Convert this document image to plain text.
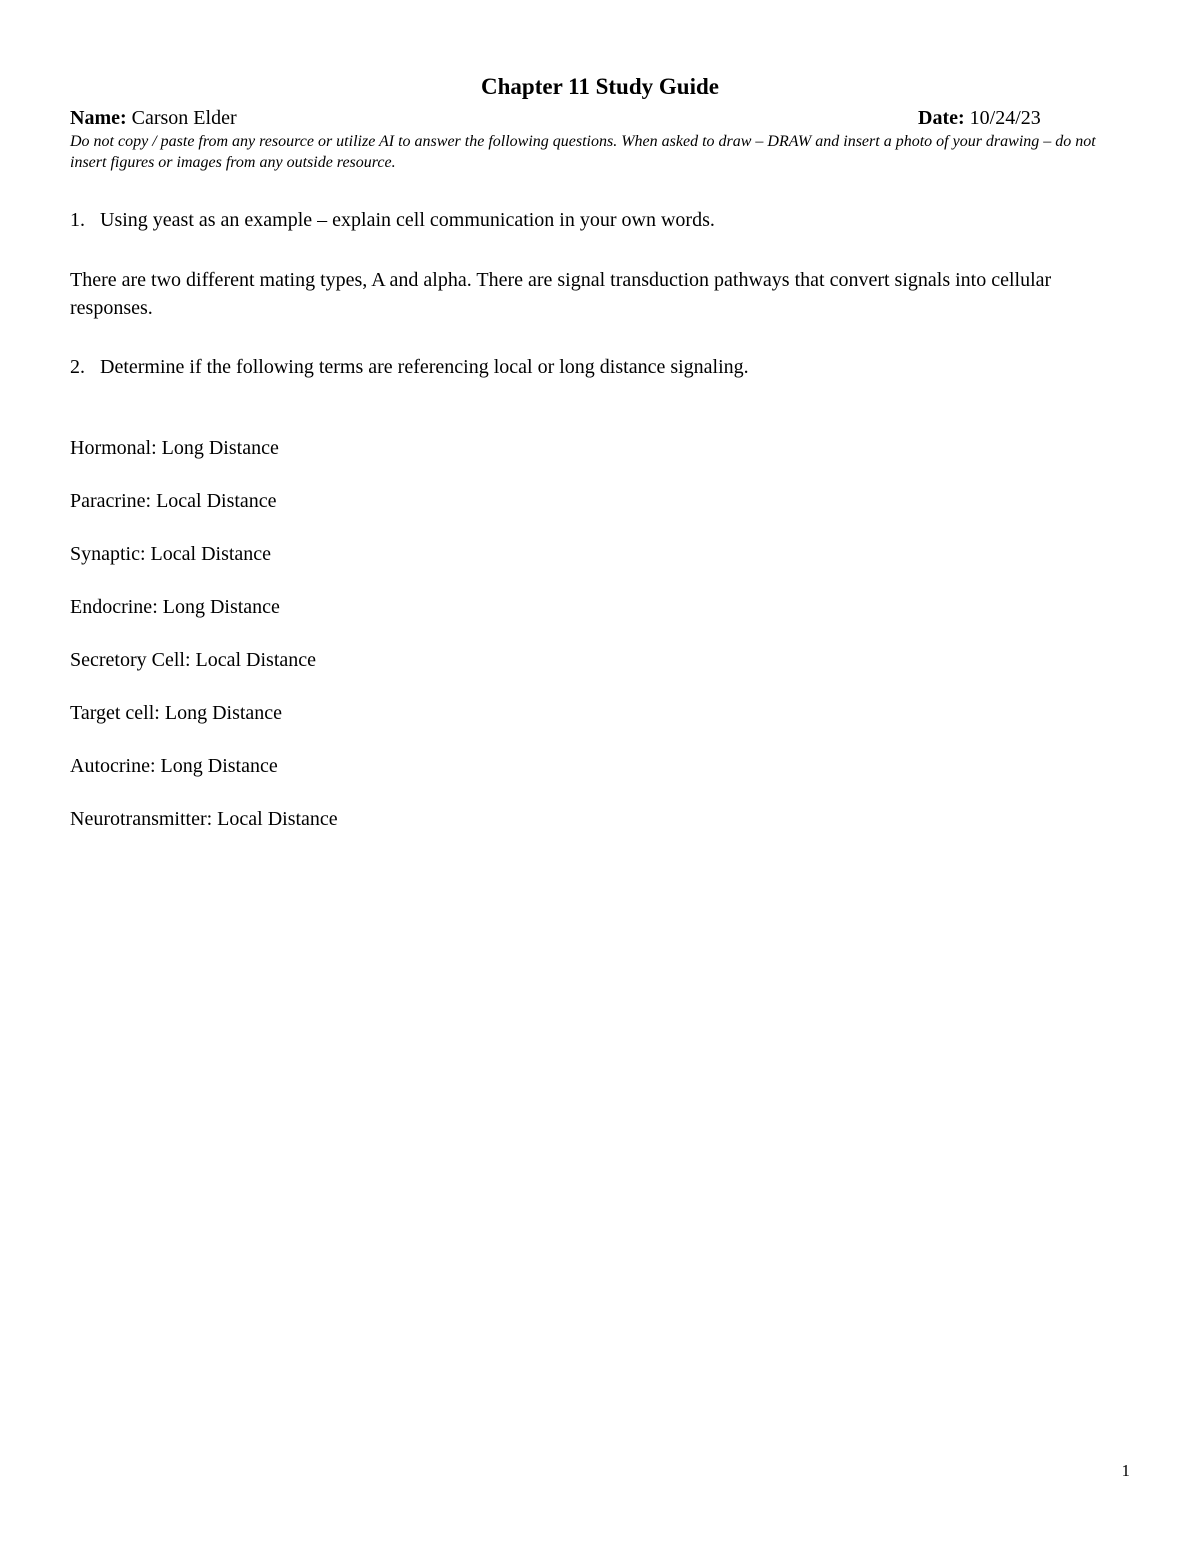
Chapter 11 Study Guide
Name: Carson Elder	Date: 10/24/23
Do not copy / paste from any resource or utilize AI to answer the following questions. When asked to draw – DRAW and insert a photo of your drawing – do not insert figures or images from any outside resource.
1. Using yeast as an example – explain cell communication in your own words.
There are two different mating types, A and alpha. There are signal transduction pathways that convert signals into cellular responses.
2. Determine if the following terms are referencing local or long distance signaling.
Hormonal: Long Distance
Paracrine: Local Distance
Synaptic: Local Distance
Endocrine: Long Distance
Secretory Cell: Local Distance
Target cell: Long Distance
Autocrine: Long Distance
Neurotransmitter: Local Distance
1
